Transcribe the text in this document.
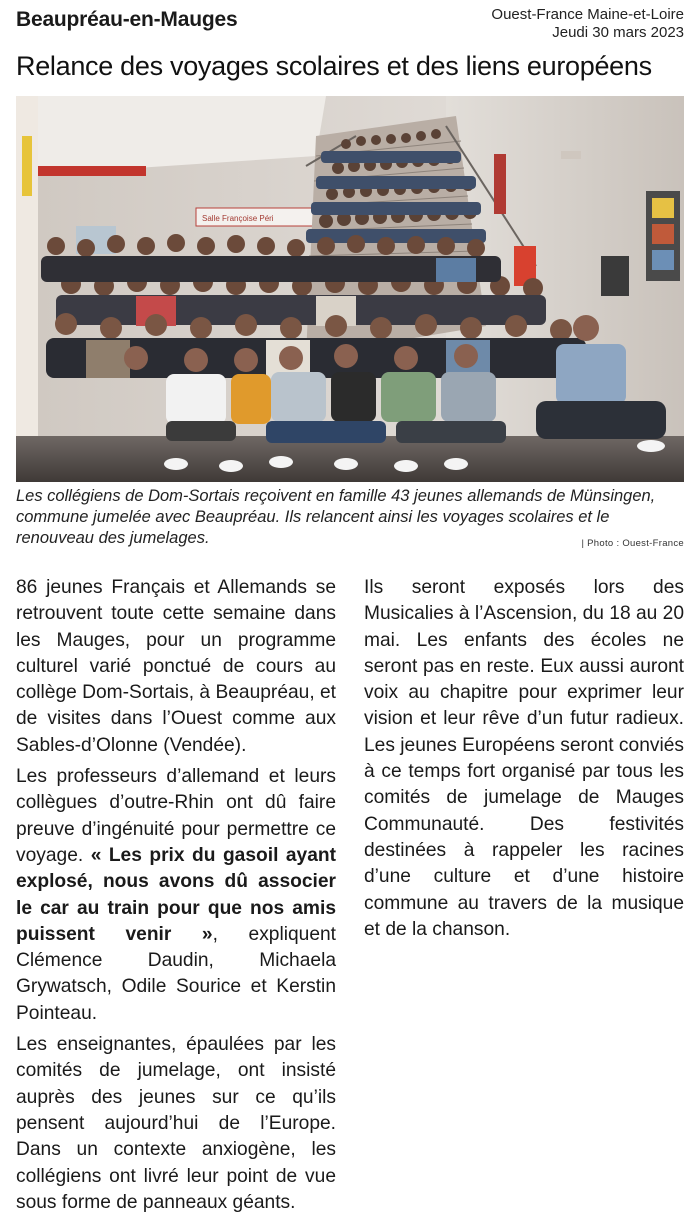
Beaupréau-en-Mauges	Ouest-France Maine-et-Loire
Jeudi 30 mars 2023
Relance des voyages scolaires et des liens européens
Salle Françoise Péri
Les collégiens de Dom-Sortais reçoivent en famille 43 jeunes allemands de Münsingen, commune jumelée avec Beaupréau. Ils relancent ainsi les voyages scolaires et le renouveau des jumelages.	| Photo : Ouest-France

86 jeunes Français et Allemands se retrouvent toute cette semaine dans les Mauges, pour un programme culturel varié ponctué de cours au collège Dom-Sortais, à Beaupréau, et de visites dans l’Ouest comme aux Sables-d’Olonne (Vendée).

Les professeurs d’allemand et leurs collègues d’outre-Rhin ont dû faire preuve d’ingénuité pour permettre ce voyage. « Les prix du gasoil ayant explosé, nous avons dû associer le car au train pour que nos amis puissent venir », expliquent Clémence Daudin, Michaela Grywatsch, Odile Sourice et Kerstin Pointeau.

Les enseignantes, épaulées par les comités de jumelage, ont insisté auprès des jeunes sur ce qu’ils pensent aujourd’hui de l’Europe. Dans un contexte anxiogène, les collégiens ont livré leur point de vue sous forme de panneaux géants.

Ils seront exposés lors des Musicalies à l’Ascension, du 18 au 20 mai. Les enfants des écoles ne seront pas en reste. Eux aussi auront voix au chapitre pour exprimer leur vision et leur rêve d’un futur radieux. Les jeunes Européens seront conviés à ce temps fort organisé par tous les comités de jumelage de Mauges Communauté. Des festivités destinées à rappeler les racines d’une culture et d’une histoire commune au travers de la musique et de la chanson.
